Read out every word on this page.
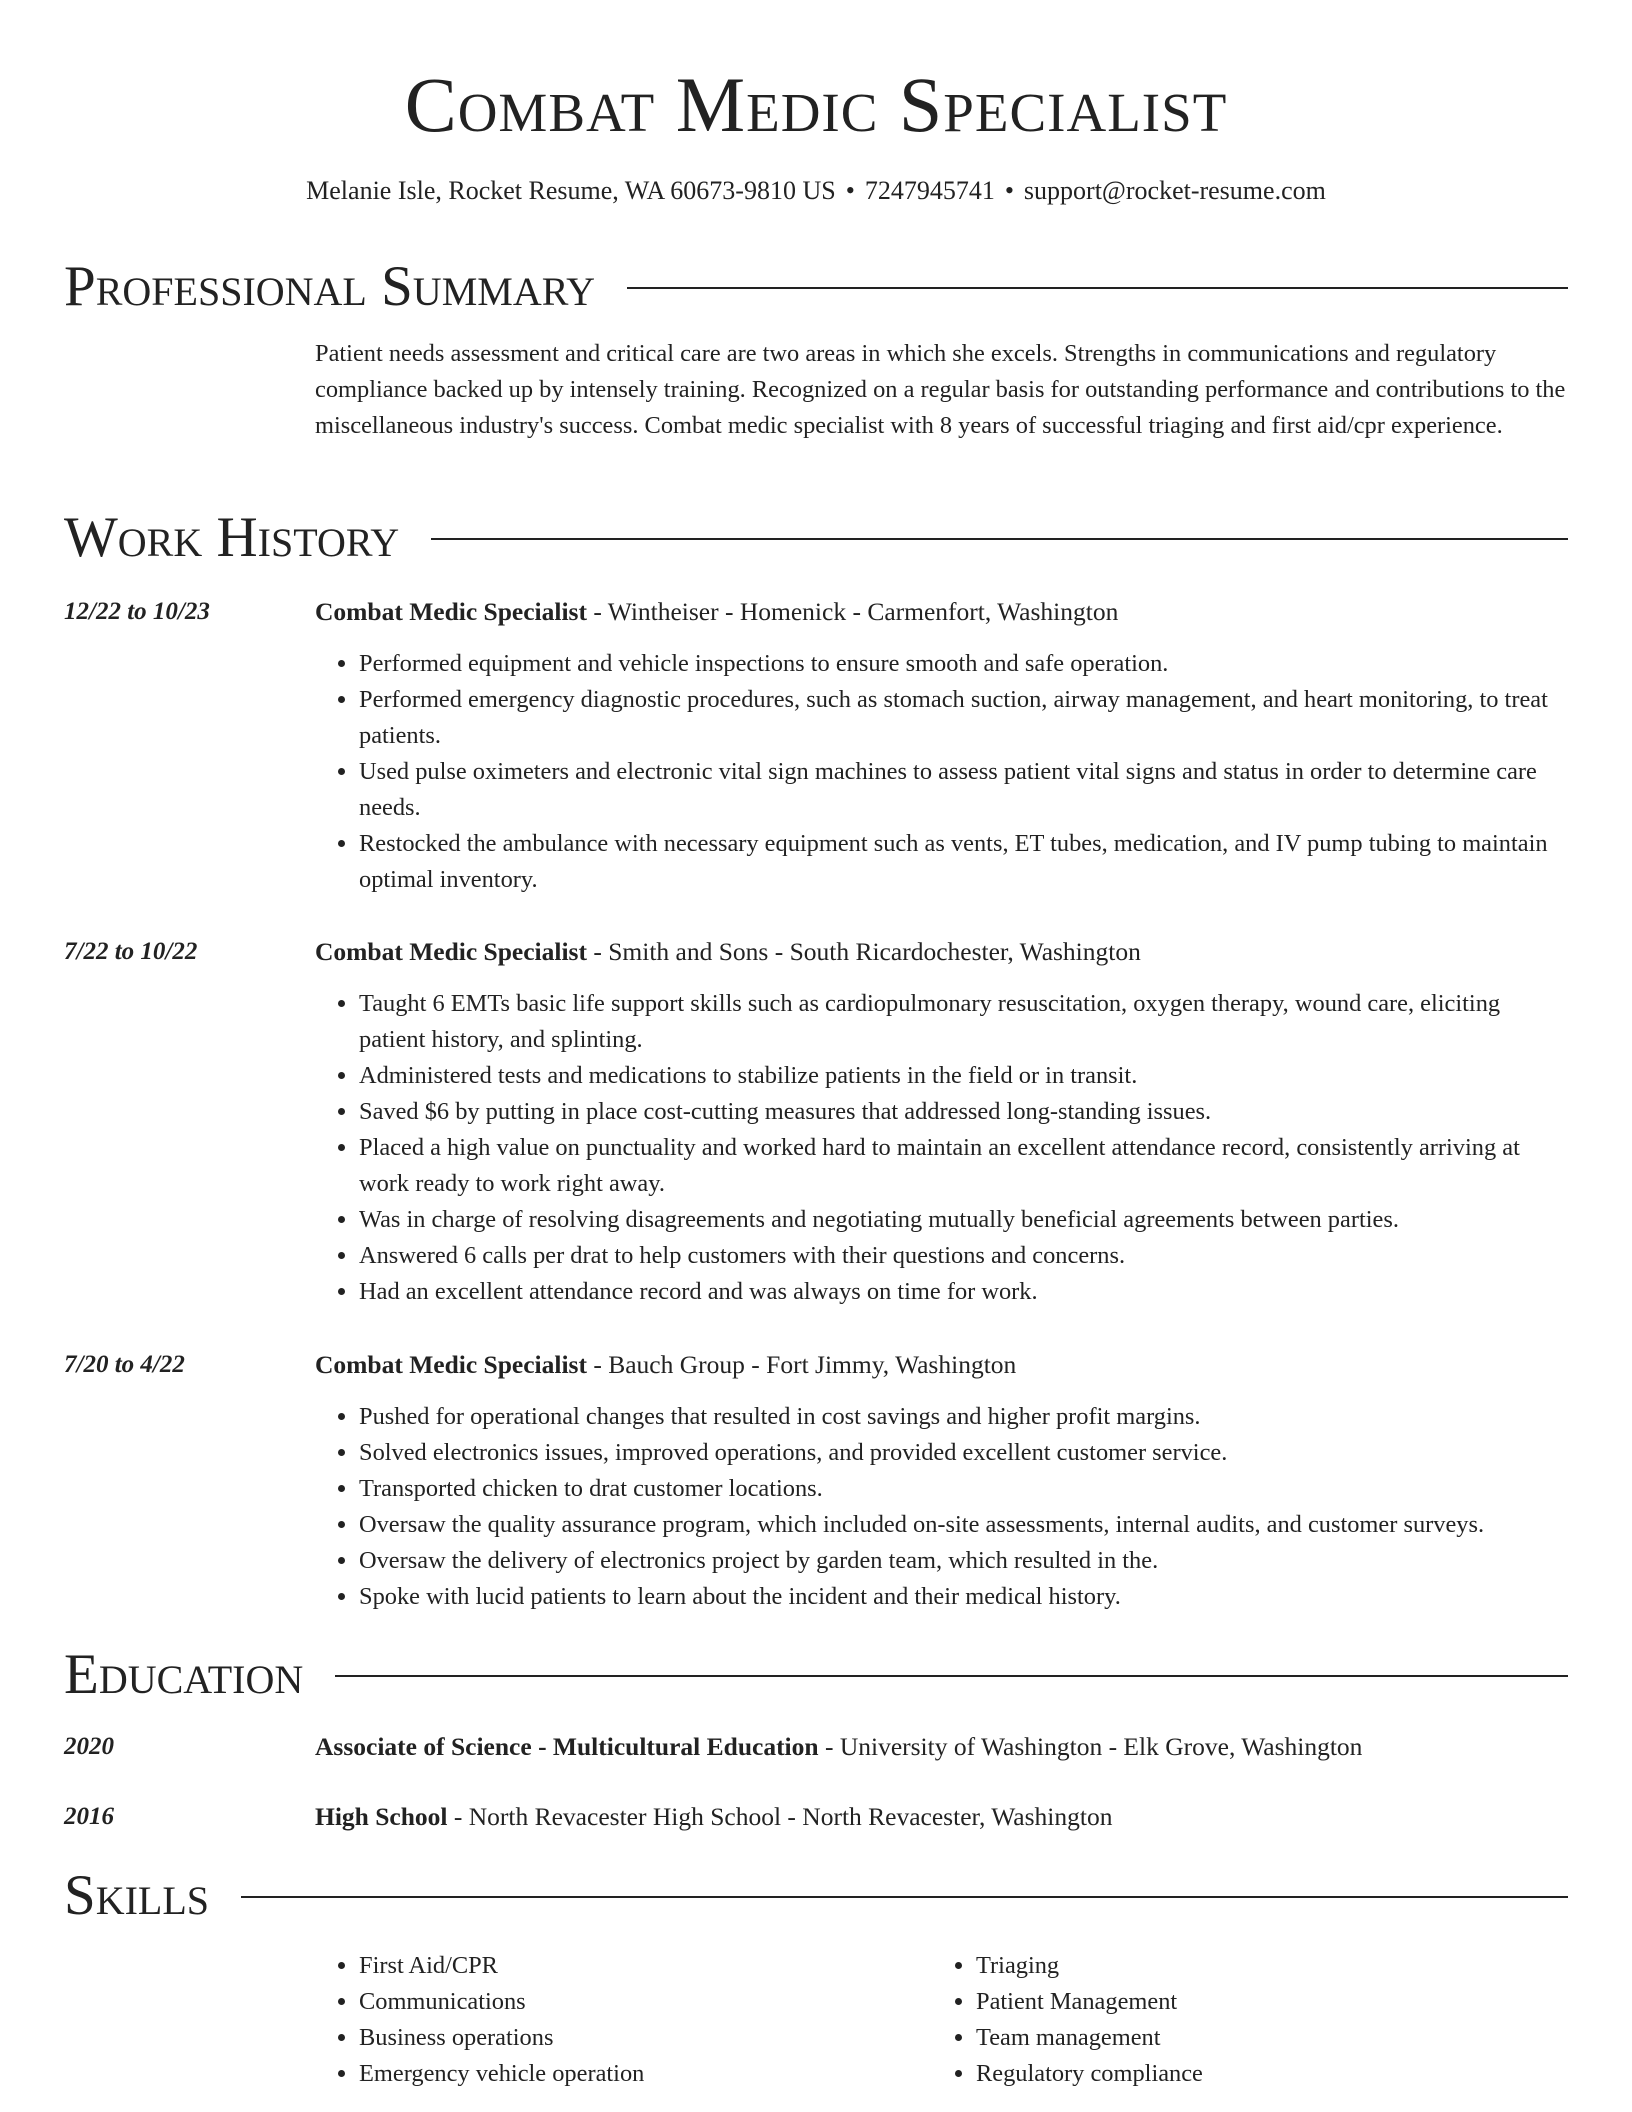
Combat Medic Specialist
Melanie Isle, Rocket Resume, WA 60673-9810 US • 7247945741 • support@rocket-resume.com
Professional Summary
Patient needs assessment and critical care are two areas in which she excels. Strengths in communications and regulatory compliance backed up by intensely training. Recognized on a regular basis for outstanding performance and contributions to the miscellaneous industry's success. Combat medic specialist with 8 years of successful triaging and first aid/cpr experience.
Work History
12/22 to 10/23	Combat Medic Specialist - Wintheiser - Homenick - Carmenfort, Washington
• Performed equipment and vehicle inspections to ensure smooth and safe operation.
• Performed emergency diagnostic procedures, such as stomach suction, airway management, and heart monitoring, to treat patients.
• Used pulse oximeters and electronic vital sign machines to assess patient vital signs and status in order to determine care needs.
• Restocked the ambulance with necessary equipment such as vents, ET tubes, medication, and IV pump tubing to maintain optimal inventory.
7/22 to 10/22	Combat Medic Specialist - Smith and Sons - South Ricardochester, Washington
• Taught 6 EMTs basic life support skills such as cardiopulmonary resuscitation, oxygen therapy, wound care, eliciting patient history, and splinting.
• Administered tests and medications to stabilize patients in the field or in transit.
• Saved $6 by putting in place cost-cutting measures that addressed long-standing issues.
• Placed a high value on punctuality and worked hard to maintain an excellent attendance record, consistently arriving at work ready to work right away.
• Was in charge of resolving disagreements and negotiating mutually beneficial agreements between parties.
• Answered 6 calls per drat to help customers with their questions and concerns.
• Had an excellent attendance record and was always on time for work.
7/20 to 4/22	Combat Medic Specialist - Bauch Group - Fort Jimmy, Washington
• Pushed for operational changes that resulted in cost savings and higher profit margins.
• Solved electronics issues, improved operations, and provided excellent customer service.
• Transported chicken to drat customer locations.
• Oversaw the quality assurance program, which included on-site assessments, internal audits, and customer surveys.
• Oversaw the delivery of electronics project by garden team, which resulted in the.
• Spoke with lucid patients to learn about the incident and their medical history.
Education
2020	Associate of Science - Multicultural Education - University of Washington - Elk Grove, Washington
2016	High School - North Revacester High School - North Revacester, Washington
Skills
• First Aid/CPR
• Communications
• Business operations
• Emergency vehicle operation
• Triaging
• Patient Management
• Team management
• Regulatory compliance
